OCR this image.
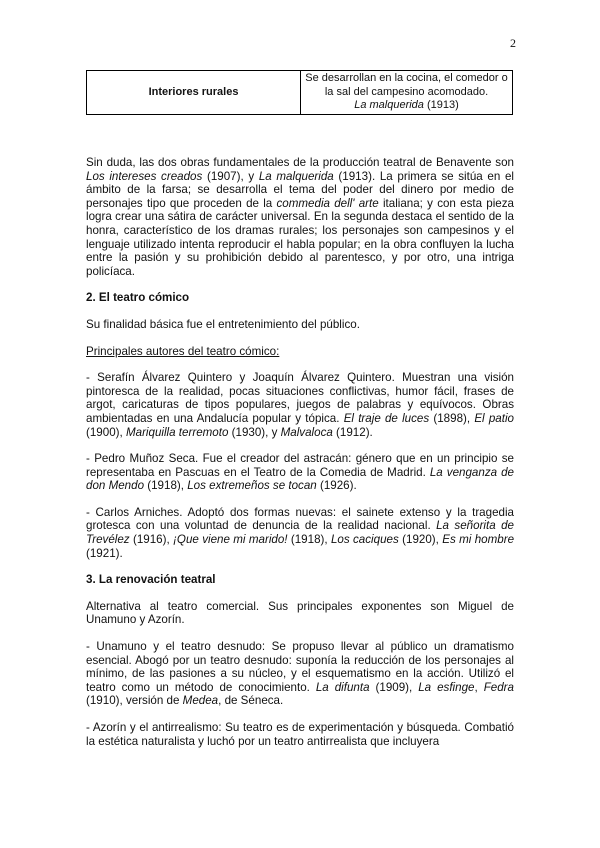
2
Interiores rurales	Se desarrollan en la cocina, el comedor o la sal del campesino acomodado.
La malquerida (1913)

Sin duda, las dos obras fundamentales de la producción teatral de Benavente son Los intereses creados (1907), y La malquerida (1913). La primera se sitúa en el ámbito de la farsa; se desarrolla el tema del poder del dinero por medio de personajes tipo que proceden de la commedia dell' arte italiana; y con esta pieza logra crear una sátira de carácter universal. En la segunda destaca el sentido de la honra, característico de los dramas rurales; los personajes son campesinos y el lenguaje utilizado intenta reproducir el habla popular; en la obra confluyen la lucha entre la pasión y su prohibición debido al parentesco, y por otro, una intriga policíaca.

2. El teatro cómico

Su finalidad básica fue el entretenimiento del público.

Principales autores del teatro cómico:

- Serafín Álvarez Quintero y Joaquín Álvarez Quintero. Muestran una visión pintoresca de la realidad, pocas situaciones conflictivas, humor fácil, frases de argot, caricaturas de tipos populares, juegos de palabras y equívocos. Obras ambientadas en una Andalucía popular y tópica. El traje de luces (1898), El patio (1900), Mariquilla terremoto (1930), y Malvaloca (1912).

- Pedro Muñoz Seca. Fue el creador del astracán: género que en un principio se representaba en Pascuas en el Teatro de la Comedia de Madrid. La venganza de don Mendo (1918), Los extremeños se tocan (1926).

- Carlos Arniches. Adoptó dos formas nuevas: el sainete extenso y la tragedia grotesca con una voluntad de denuncia de la realidad nacional. La señorita de Trevélez (1916), ¡Que viene mi marido! (1918), Los caciques (1920), Es mi hombre (1921).

3. La renovación teatral

Alternativa al teatro comercial. Sus principales exponentes son Miguel de Unamuno y Azorín.

- Unamuno y el teatro desnudo: Se propuso llevar al público un dramatismo esencial. Abogó por un teatro desnudo: suponía la reducción de los personajes al mínimo, de las pasiones a su núcleo, y el esquematismo en la acción. Utilizó el teatro como un método de conocimiento. La difunta (1909), La esfinge, Fedra (1910), versión de Medea, de Séneca.

- Azorín y el antirrealismo: Su teatro es de experimentación y búsqueda. Combatió la estética naturalista y luchó por un teatro antirrealista que incluyera
